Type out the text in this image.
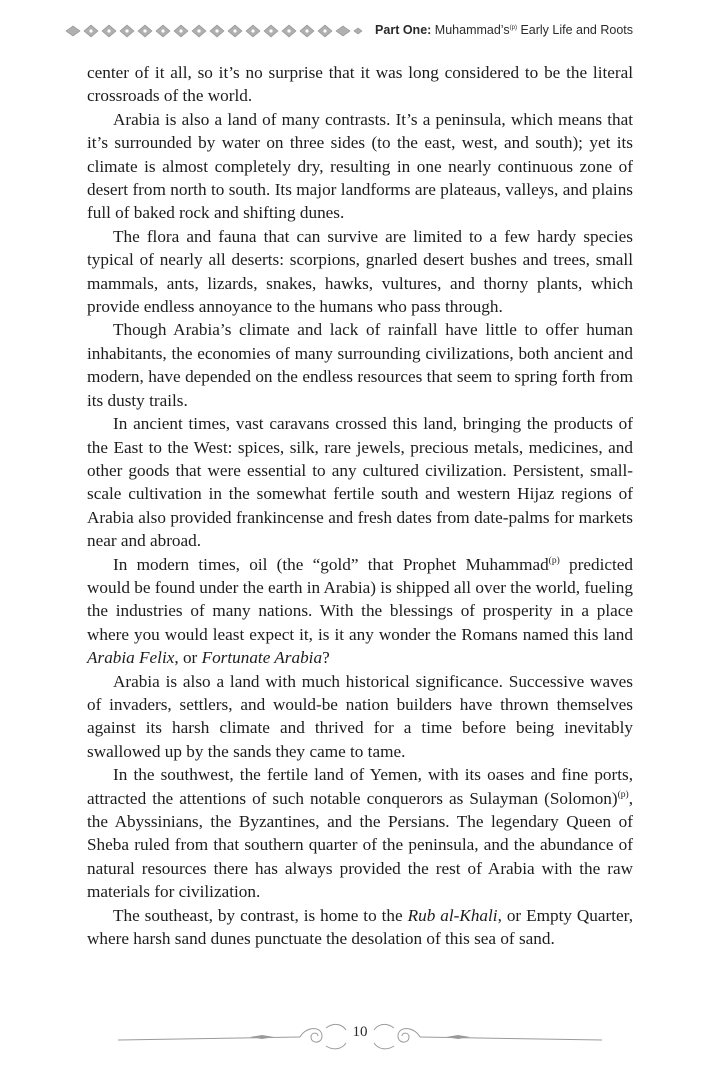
Part One: $Muhammad’s^{(p)}$ Early Life and Roots

center of it all, so it’s no surprise that it was long considered to be the literal crossroads of the world.

Arabia is also a land of many contrasts. It’s a peninsula, which means that it’s surrounded by water on three sides (to the east, west, and south); yet its climate is almost completely dry, resulting in one nearly continuous zone of desert from north to south. Its major landforms are plateaus, valleys, and plains full of baked rock and shifting dunes.

The flora and fauna that can survive are limited to a few hardy species typical of nearly all deserts: scorpions, gnarled desert bushes and trees, small mammals, ants, lizards, snakes, hawks, vultures, and thorny plants, which provide endless annoyance to the humans who pass through.

Though Arabia’s climate and lack of rainfall have little to offer human inhabitants, the economies of many surrounding civilizations, both ancient and modern, have depended on the endless resources that seem to spring forth from its dusty trails.

In ancient times, vast caravans crossed this land, bringing the products of the East to the West: spices, silk, rare jewels, precious metals, medicines, and other goods that were essential to any cultured civilization. Persistent, small-scale cultivation in the somewhat fertile south and western Hijaz regions of Arabia also provided frankincense and fresh dates from date-palms for markets near and abroad.

In modern times, oil (the “gold” that Prophet Muhammad$^{(p)}$ predicted would be found under the earth in Arabia) is shipped all over the world, fueling the industries of many nations. With the blessings of prosperity in a place where you would least expect it, is it any wonder the Romans named this land Arabia Felix, or Fortunate Arabia?

Arabia is also a land with much historical significance. Successive waves of invaders, settlers, and would-be nation builders have thrown themselves against its harsh climate and thrived for a time before being inevitably swallowed up by the sands they came to tame.

In the southwest, the fertile land of Yemen, with its oases and fine ports, attracted the attentions of such notable conquerors as Sulayman (Solomon)$^{(p)}$, the Abyssinians, the Byzantines, and the Persians. The legendary Queen of Sheba ruled from that southern quarter of the peninsula, and the abundance of natural resources there has always provided the rest of Arabia with the raw materials for civilization.

The southeast, by contrast, is home to the Rub al-Khali, or Empty Quarter, where harsh sand dunes punctuate the desolation of this sea of sand.

10
